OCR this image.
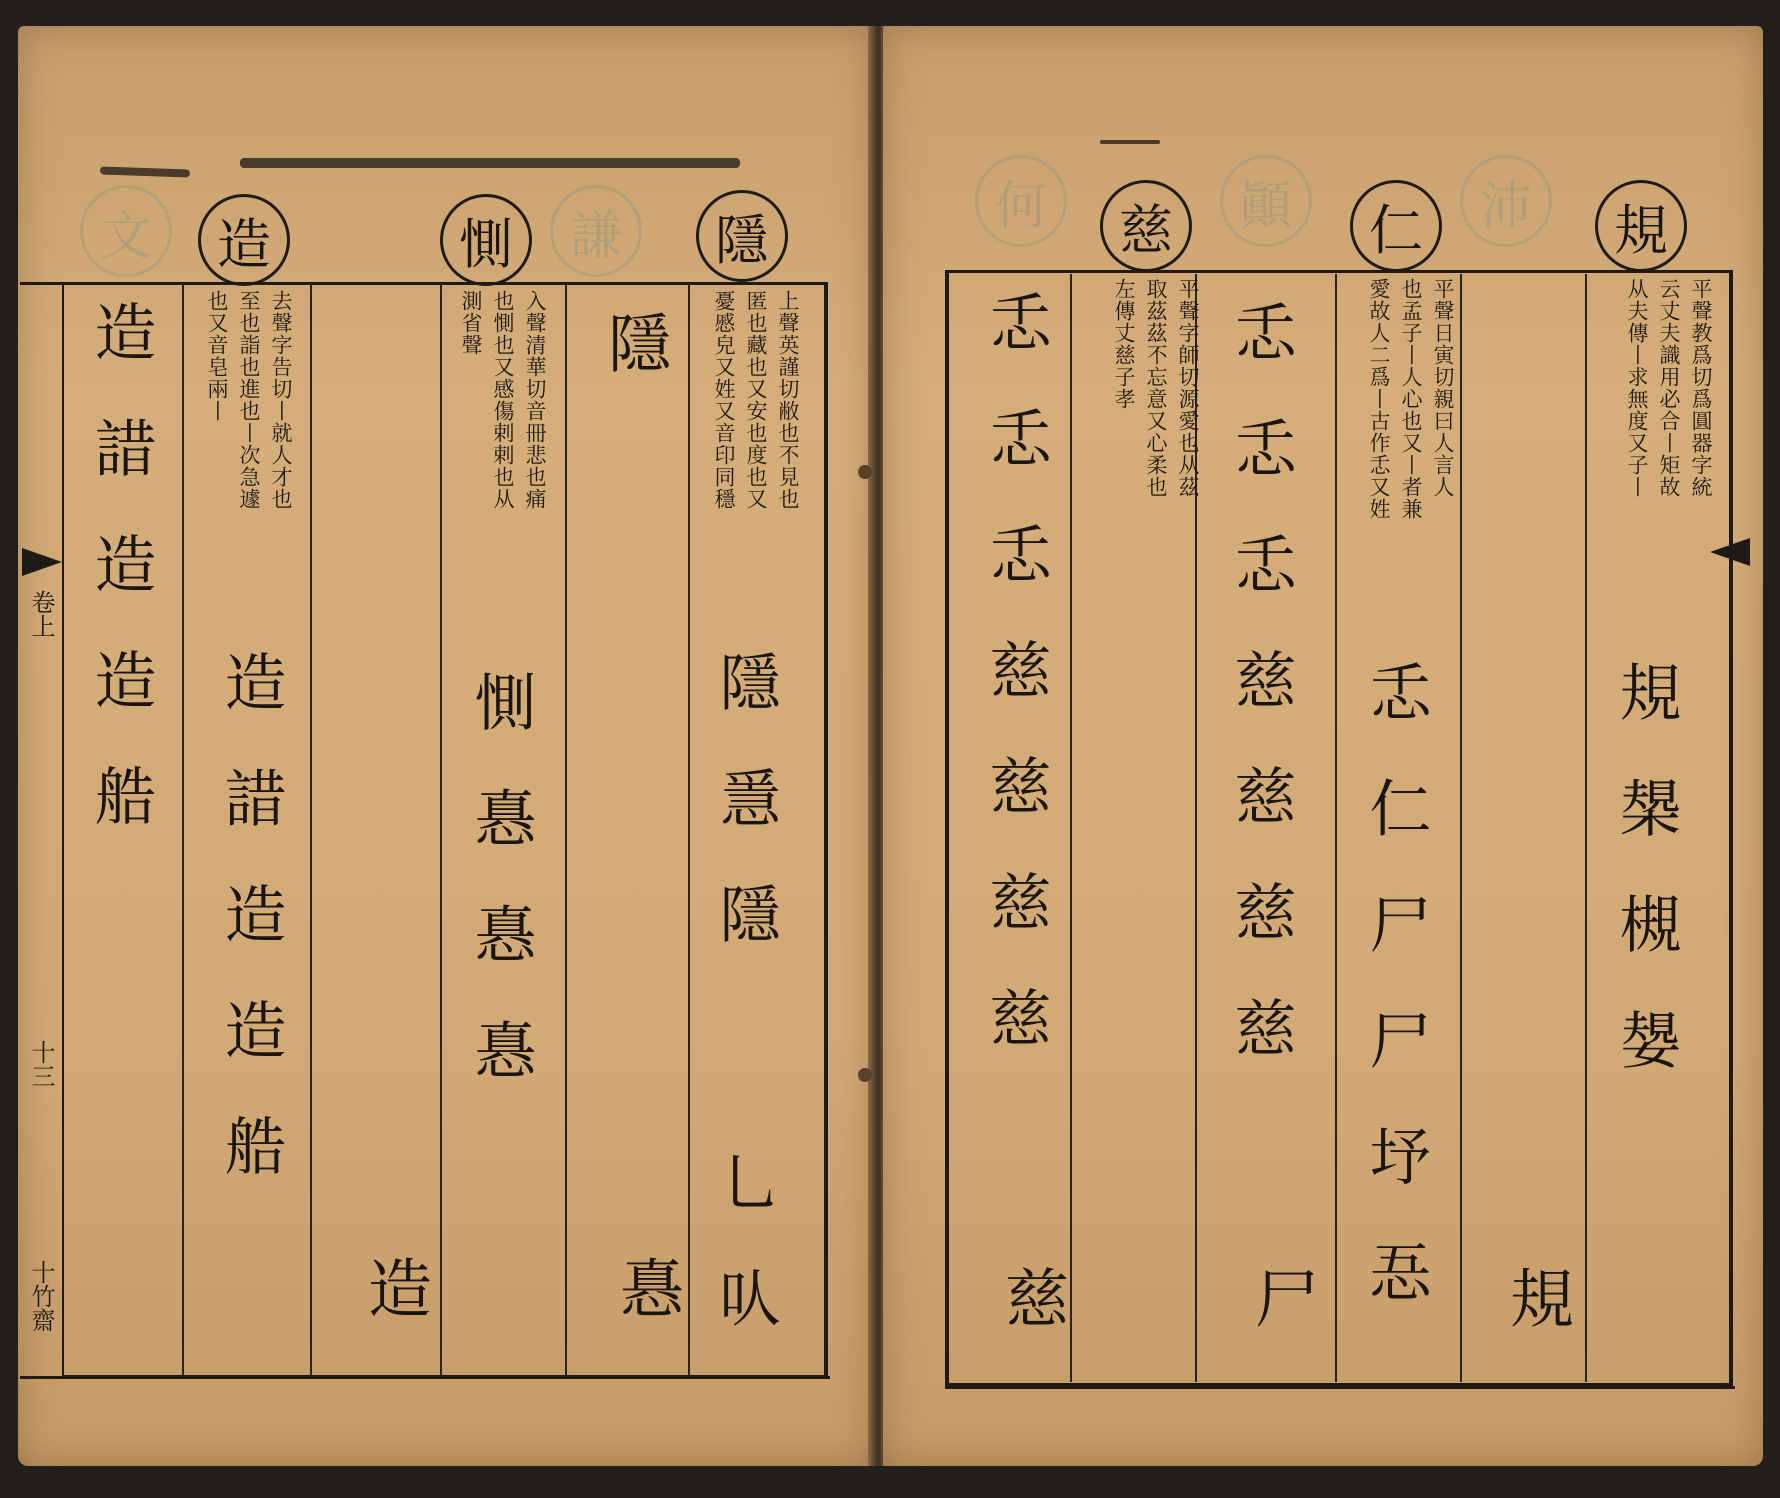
文	謙	何	顚	沛
造	惻	隱
卷上
十三
十竹齋
上聲英謹切敝也不見也
匿也藏也又安也度也又
憂慼皃又姓又音印同穩
隱
隱㥯隱
乚㕥
㥲
入聲清華切音冊悲也痛
也惻也又感傷剌剌也从
測省聲
惻㥲㥲㥲
造
去聲字告切丨就人才也
至也詣也進也丨次急遽
也又音皂兩丨
造諎造造艁
造諎造造艁
規
仁
慈
平聲教爲切爲圓器字統
云丈夫識用必合丨矩故
从夫傳丨求無度又子丨
規槼槻嫢
規
平聲日寅切親曰人言人
也孟子丨人心也又丨者兼
愛故人二爲丨古作忎又姓
忎仁尸尸㘧忢
尸
平聲字師切源愛也从茲
取茲茲不忘意又心柔也
左傳丈慈子孝 忎忎忎慈慈慈慈
忎忎忎慈慈慈慈
慈
